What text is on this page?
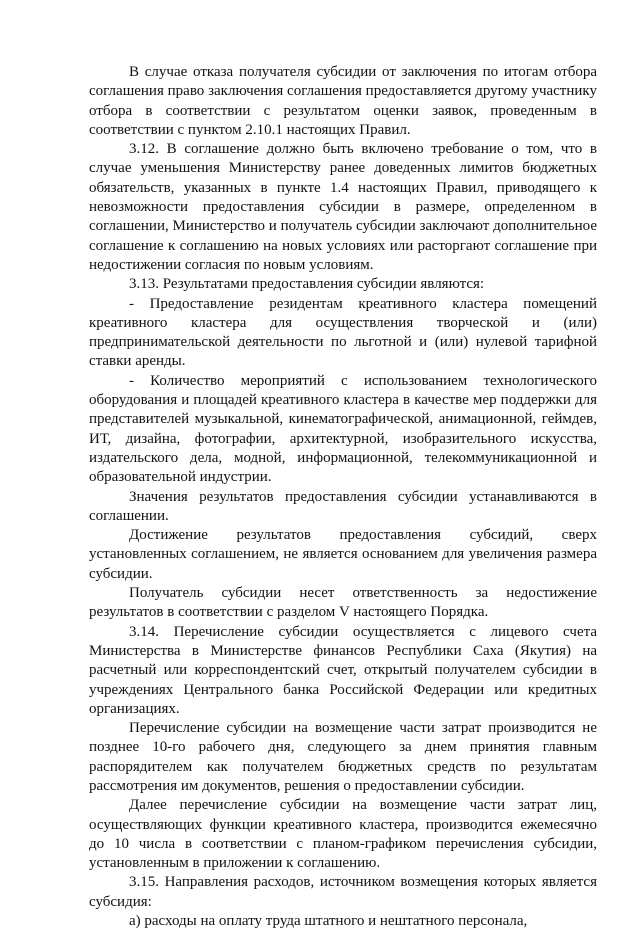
В случае отказа получателя субсидии от заключения по итогам отбора соглашения право заключения соглашения предоставляется другому участнику отбора в соответствии с результатом оценки заявок, проведенным в соответствии с пунктом 2.10.1 настоящих Правил.

3.12. В соглашение должно быть включено требование о том, что в случае уменьшения Министерству ранее доведенных лимитов бюджетных обязательств, указанных в пункте 1.4 настоящих Правил, приводящего к невозможности предоставления субсидии в размере, определенном в соглашении, Министерство и получатель субсидии заключают дополнительное соглашение к соглашению на новых условиях или расторгают соглашение при недостижении согласия по новым условиям.

3.13. Результатами предоставления субсидии являются:

- Предоставление резидентам креативного кластера помещений креативного кластера для осуществления творческой и (или) предпринимательской деятельности по льготной и (или) нулевой тарифной ставки аренды.

- Количество мероприятий с использованием технологического оборудования и площадей креативного кластера в качестве мер поддержки для представителей музыкальной, кинематографической, анимационной, геймдев, ИТ, дизайна, фотографии, архитектурной, изобразительного искусства, издательского дела, модной, информационной, телекоммуникационной и образовательной индустрии.

Значения результатов предоставления субсидии устанавливаются в соглашении.

Достижение результатов предоставления субсидий, сверх установленных соглашением, не является основанием для увеличения размера субсидии.

Получатель субсидии несет ответственность за недостижение результатов в соответствии с разделом V настоящего Порядка.

3.14. Перечисление субсидии осуществляется с лицевого счета Министерства в Министерстве финансов Республики Саха (Якутия) на расчетный или корреспондентский счет, открытый получателем субсидии в учреждениях Центрального банка Российской Федерации или кредитных организациях.

Перечисление субсидии на возмещение части затрат производится не позднее 10-го рабочего дня, следующего за днем принятия главным распорядителем как получателем бюджетных средств по результатам рассмотрения им документов, решения о предоставлении субсидии.

Далее перечисление субсидии на возмещение части затрат лиц, осуществляющих функции креативного кластера, производится ежемесячно до 10 числа в соответствии с планом-графиком перечисления субсидии, установленным в приложении к соглашению.

3.15. Направления расходов, источником возмещения которых является субсидия:

а) расходы на оплату труда штатного и нештатного персонала,
